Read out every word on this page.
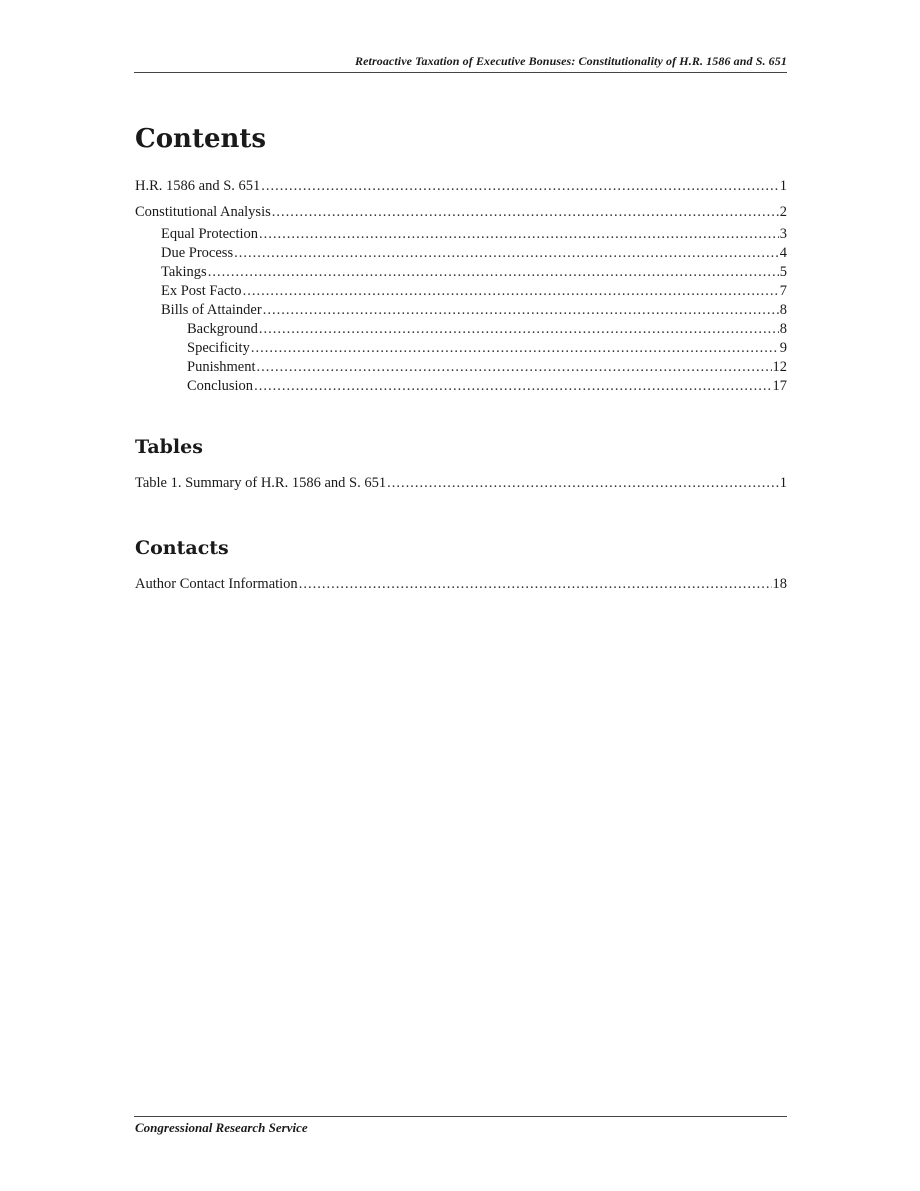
Retroactive Taxation of Executive Bonuses: Constitutionality of H.R. 1586 and S. 651
Contents
H.R. 1586 and S. 651 .....	1
Constitutional Analysis .....	2
Equal Protection .....	3
Due Process .....	4
Takings .....	5
Ex Post Facto .....	7
Bills of Attainder .....	8
Background .....	8
Specificity .....	9
Punishment .....	12
Conclusion .....	17
Tables
Table 1. Summary of H.R. 1586 and S. 651 .....	1
Contacts
Author Contact Information .....	18
Congressional Research Service
